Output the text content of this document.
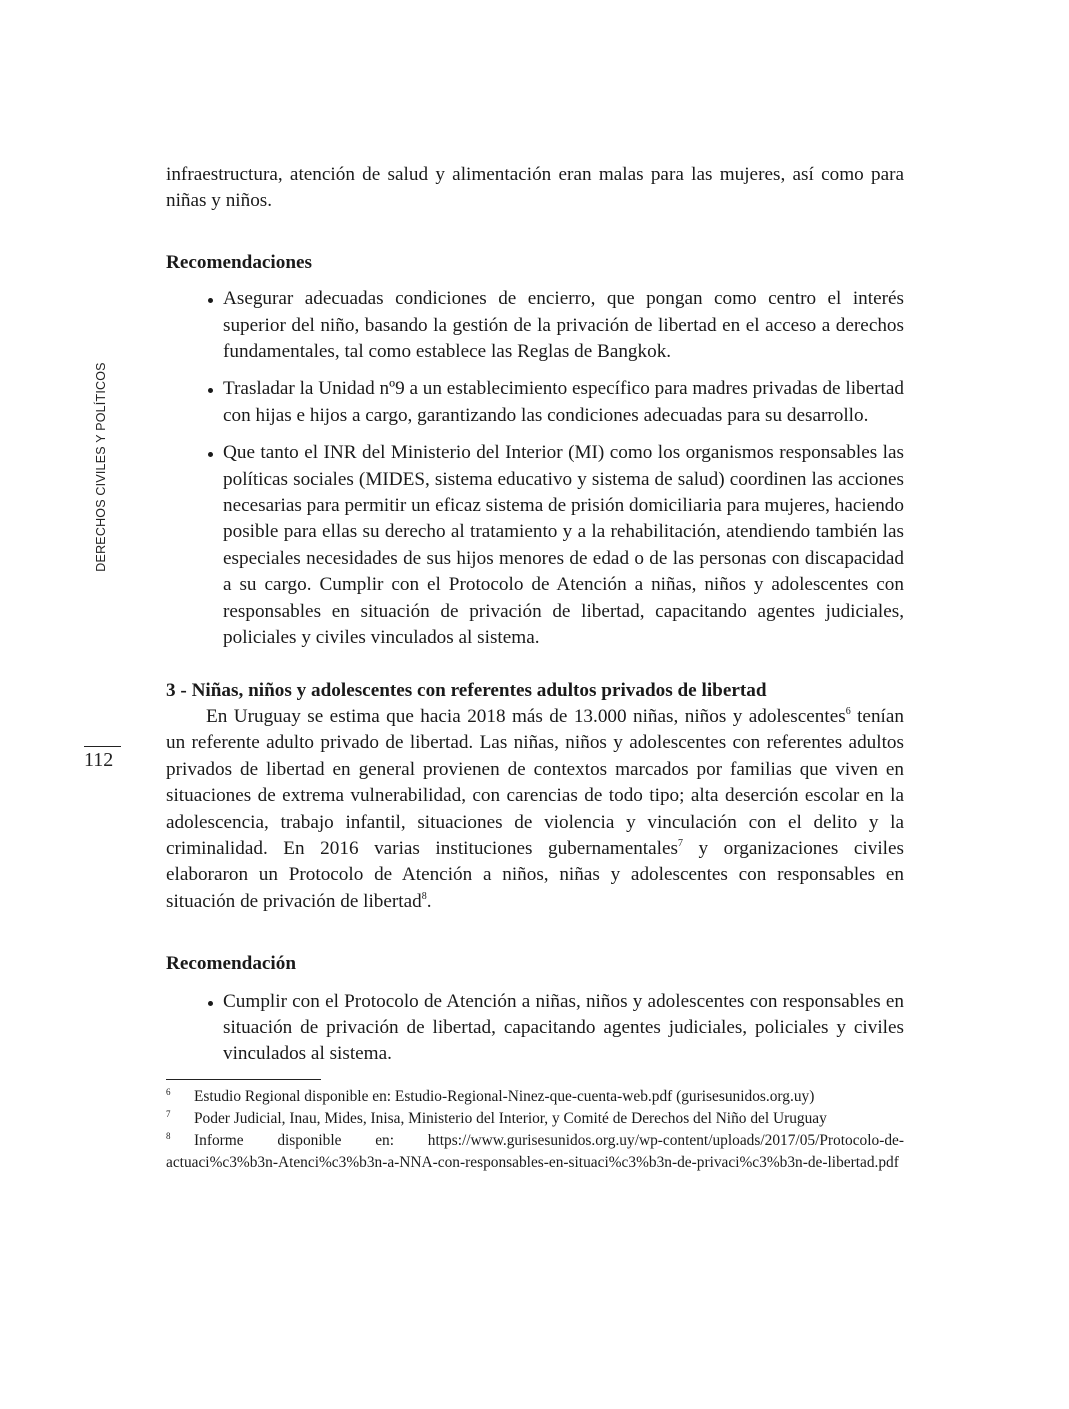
DERECHOS CIVILES Y POLÍTICOS
112

infraestructura, atención de salud y alimentación eran malas para las mujeres, así como para niñas y niños.

Recomendaciones
Asegurar adecuadas condiciones de encierro, que pongan como centro el interés superior del niño, basando la gestión de la privación de libertad en el acceso a derechos fundamentales, tal como establece las Reglas de Bangkok.
Trasladar la Unidad nº9 a un establecimiento específico para madres privadas de libertad con hijas e hijos a cargo, garantizando las condiciones adecuadas para su desarrollo.
Que tanto el INR del Ministerio del Interior (MI) como los organismos responsables las políticas sociales (MIDES, sistema educativo y sistema de salud) coordinen las acciones necesarias para permitir un eficaz sistema de prisión domiciliaria para mujeres, haciendo posible para ellas su derecho al tratamiento y a la rehabilitación, atendiendo también las especiales necesidades de sus hijos menores de edad o de las personas con discapacidad a su cargo. Cumplir con el Protocolo de Atención a niñas, niños y adolescentes con responsables en situación de privación de libertad, capacitando agentes judiciales, policiales y civiles vinculados al sistema.
3 - Niñas, niños y adolescentes con referentes adultos privados de libertad

En Uruguay se estima que hacia 2018 más de 13.000 niñas, niños y adolescentes$^6$ tenían un referente adulto privado de libertad. Las niñas, niños y adolescentes con referentes adultos privados de libertad en general provienen de contextos marcados por familias que viven en situaciones de extrema vulnerabilidad, con carencias de todo tipo; alta deserción escolar en la adolescencia, trabajo infantil, situaciones de violencia y vinculación con el delito y la criminalidad. En 2016 varias instituciones gubernamentales$^7$ y organizaciones civiles elaboraron un Protocolo de Atención a niños, niñas y adolescentes con responsables en situación de privación de libertad$^8$.

Recomendación
Cumplir con el Protocolo de Atención a niñas, niños y adolescentes con responsables en situación de privación de libertad, capacitando agentes judiciales, policiales y civiles vinculados al sistema.
6 Estudio Regional disponible en: Estudio-Regional-Ninez-que-cuenta-web.pdf (gurisesunidos.org.uy)
7 Poder Judicial, Inau, Mides, Inisa, Ministerio del Interior, y Comité de Derechos del Niño del Uruguay
8 Informe disponible en: https://www.gurisesunidos.org.uy/wp-content/uploads/2017/05/Protocolo-de-actuaci%c3%b3n-Atenci%c3%b3n-a-NNA-con-responsables-en-situaci%c3%b3n-de-privaci%c3%b3n-de-libertad.pdf
